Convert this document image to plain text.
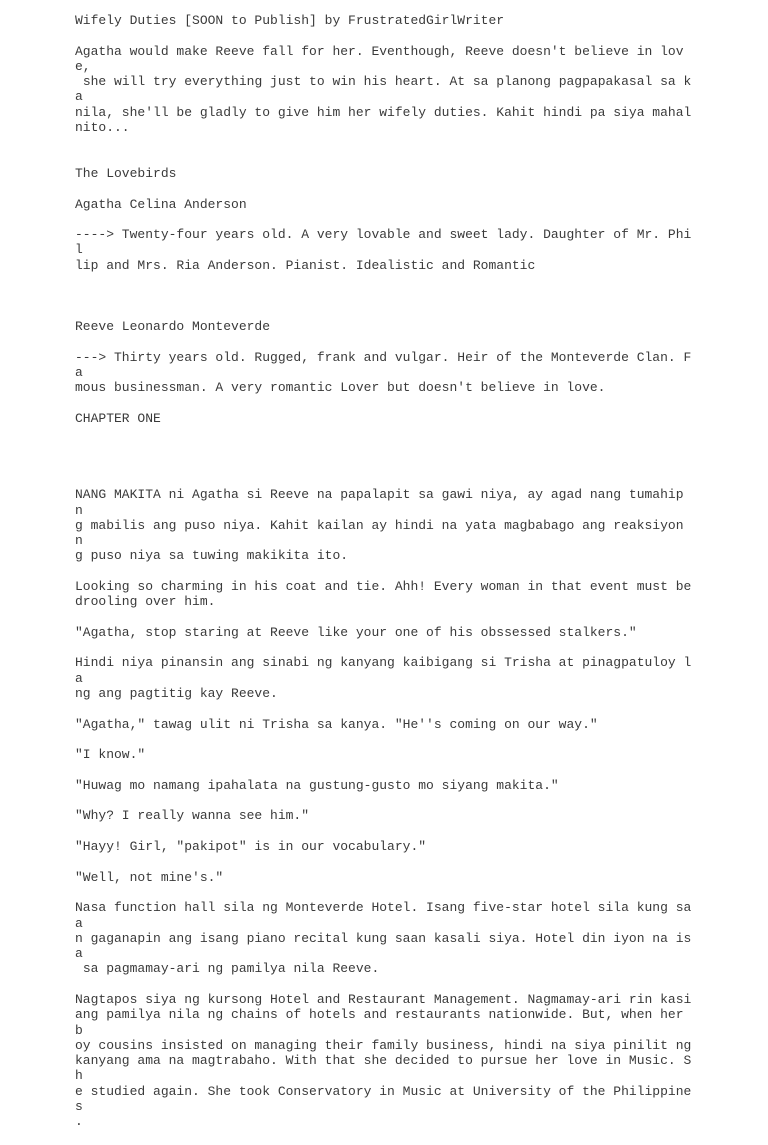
Wifely Duties [SOON to Publish] by FrustratedGirlWriter

Agatha would make Reeve fall for her. Eventhough, Reeve doesn't believe in love,
she will try everything just to win his heart. At sa planong pagpapakasal sa ka
nila, she'll be gladly to give him her wifely duties. Kahit hindi pa siya mahal
nito...

The Lovebirds

Agatha Celina Anderson

----> Twenty-four years old. A very lovable and sweet lady. Daughter of Mr. Phil
lip and Mrs. Ria Anderson. Pianist. Idealistic and Romantic

Reeve Leonardo Monteverde

---> Thirty years old. Rugged, frank and vulgar. Heir of the Monteverde Clan. Fa
mous businessman. A very romantic Lover but doesn't believe in love.

CHAPTER ONE

NANG MAKITA ni Agatha si Reeve na papalapit sa gawi niya, ay agad nang tumahip n
g mabilis ang puso niya. Kahit kailan ay hindi na yata magbabago ang reaksiyon n
g puso niya sa tuwing makikita ito.

Looking so charming in his coat and tie. Ahh! Every woman in that event must be
drooling over him.

"Agatha, stop staring at Reeve like your one of his obssessed stalkers."

Hindi niya pinansin ang sinabi ng kanyang kaibigang si Trisha at pinagpatuloy la
ng ang pagtitig kay Reeve.

"Agatha," tawag ulit ni Trisha sa kanya. "He''s coming on our way."

"I know."

"Huwag mo namang ipahalata na gustung-gusto mo siyang makita."

"Why? I really wanna see him."

"Hayy! Girl, "pakipot" is in our vocabulary."

"Well, not mine's."

Nasa function hall sila ng Monteverde Hotel. Isang five-star hotel sila kung saa
n gaganapin ang isang piano recital kung saan kasali siya. Hotel din iyon na isa
sa pagmamay-ari ng pamilya nila Reeve.

Nagtapos siya ng kursong Hotel and Restaurant Management. Nagmamay-ari rin kasi
ang pamilya nila ng chains of hotels and restaurants nationwide. But, when her b
oy cousins insisted on managing their family business, hindi na siya pinilit ng
kanyang ama na magtrabaho. With that she decided to pursue her love in Music. Sh
e studied again. She took Conservatory in Music at University of the Philippines
.
